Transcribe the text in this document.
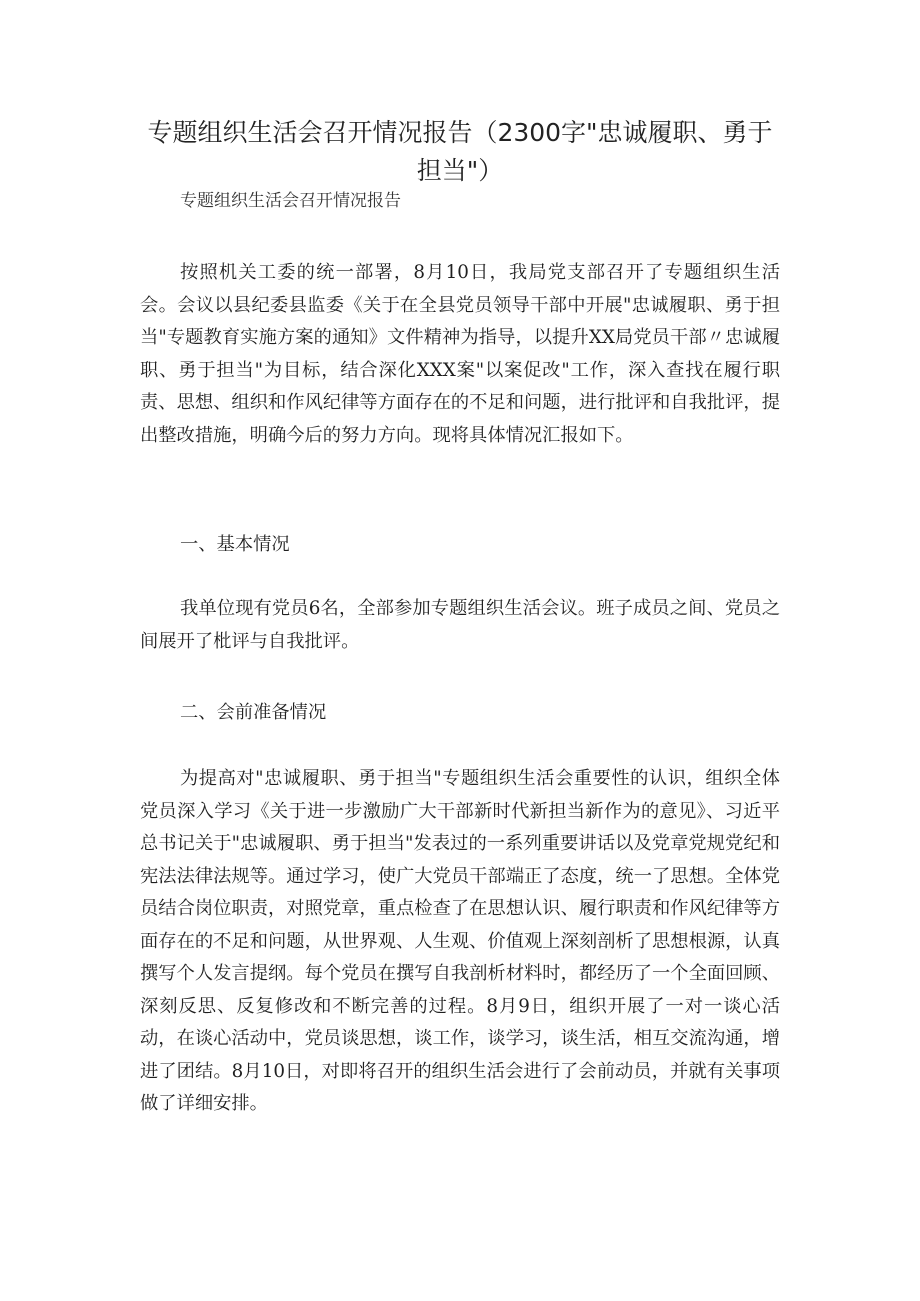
专题组织生活会召开情况报告（2300字"忠诚履职、勇于担当"）

专题组织生活会召开情况报告

按照机关工委的统一部署，8月10日，我局党支部召开了专题组织生活会。会议以县纪委县监委《关于在全县党员领导干部中开展"忠诚履职、勇于担当"专题教育实施方案的通知》文件精神为指导，以提升XX局党员干部〃忠诚履职、勇于担当"为目标，结合深化XXX案"以案促改"工作，深入查找在履行职责、思想、组织和作风纪律等方面存在的不足和问题，进行批评和自我批评，提出整改措施，明确今后的努力方向。现将具体情况汇报如下。

一、基本情况

我单位现有党员6名，全部参加专题组织生活会议。班子成员之间、党员之间展开了枇评与自我批评。

二、会前准备情况

为提高对"忠诚履职、勇于担当"专题组织生活会重要性的认识，组织全体党员深入学习《关于进一步激励广大干部新时代新担当新作为的意见》、习近平总书记关于"忠诚履职、勇于担当"发表过的一系列重要讲话以及党章党规党纪和宪法法律法规等。通过学习，使广大党员干部端正了态度，统一了思想。全体党员结合岗位职责，对照党章，重点检查了在思想认识、履行职责和作风纪律等方面存在的不足和问题，从世界观、人生观、价值观上深刻剖析了思想根源，认真撰写个人发言提纲。每个党员在撰写自我剖析材料时，都经历了一个全面回顾、深刻反思、反复修改和不断完善的过程。8月9日，组织开展了一对一谈心活动，在谈心活动中，党员谈思想，谈工作，谈学习，谈生活，相互交流沟通，增进了团结。8月10日，对即将召开的组织生活会进行了会前动员，并就有关事项做了详细安排。
